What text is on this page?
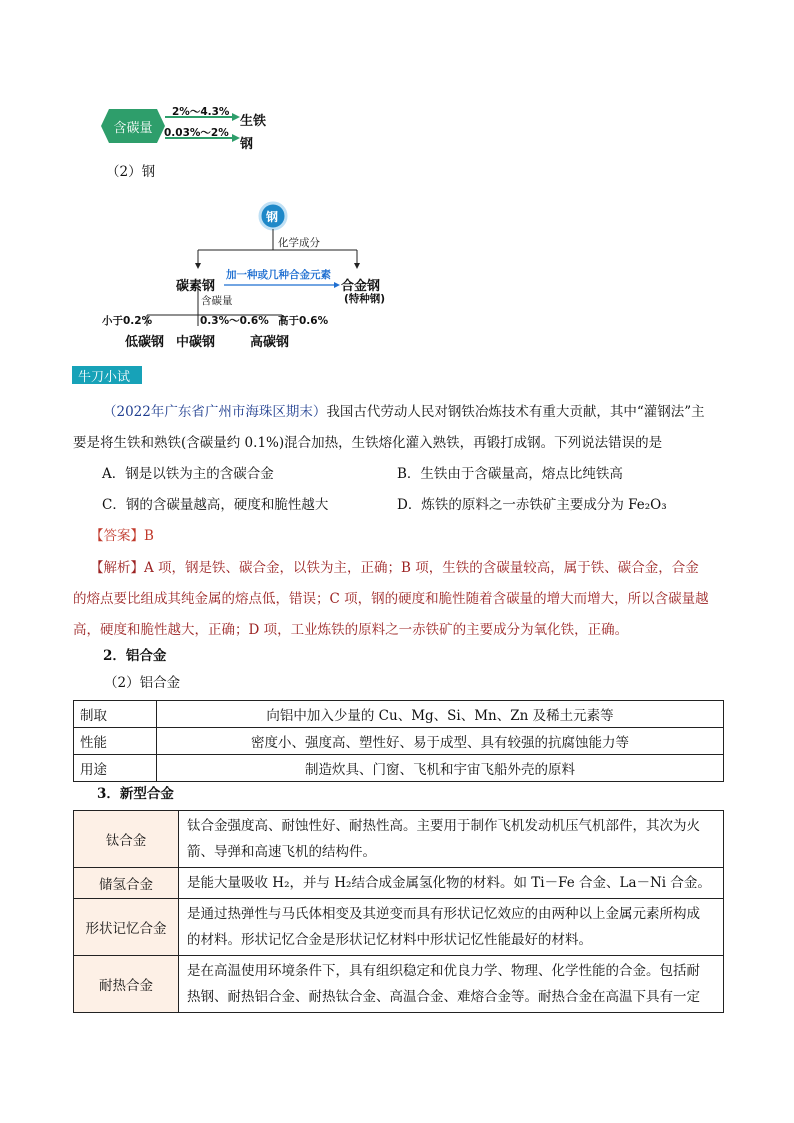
含碳量
2%～4.3%
生铁
0.03%～2%
钢
（2）钢
钢
化学成分
碳素钢
加一种或几种合金元素
合金钢
(特种钢)
含碳量
小于0.2%	0.3%～0.6% 高于0.6%
低碳钢 中碳钢	高碳钢
牛刀小试
（2022年广东省广州市海珠区期末）我国古代劳动人民对钢铁冶炼技术有重大贡献，其中“灌钢法”主
要是将生铁和熟铁(含碳量约 0.1%)混合加热，生铁熔化灌入熟铁，再锻打成钢。下列说法错误的是
A．钢是以铁为主的含碳合金	B．生铁由于含碳量高，熔点比纯铁高
C．钢的含碳量越高，硬度和脆性越大	D．炼铁的原料之一赤铁矿主要成分为 Fe₂O₃
【答案】B
【解析】A 项，钢是铁、碳合金，以铁为主，正确；B 项，生铁的含碳量较高，属于铁、碳合金，合金
的熔点要比组成其纯金属的熔点低，错误；C 项，钢的硬度和脆性随着含碳量的增大而增大，所以含碳量越
高，硬度和脆性越大，正确；D 项，工业炼铁的原料之一赤铁矿的主要成分为氧化铁，正确。
2．铝合金
（2）铝合金
制取	向铝中加入少量的 Cu、Mg、Si、Mn、Zn 及稀土元素等
性能	密度小、强度高、塑性好、易于成型、具有较强的抗腐蚀能力等
用途	制造炊具、门窗、飞机和宇宙飞船外壳的原料
3．新型合金
钛合金	钛合金强度高、耐蚀性好、耐热性高。主要用于制作飞机发动机压气机部件，其次为火
箭、导弹和高速飞机的结构件。

储氢合金	是能大量吸收 H₂，并与 H₂结合成金属氢化物的材料。如 Ti－Fe 合金、La－Ni 合金。

形状记忆合金	是通过热弹性与马氏体相变及其逆变而具有形状记忆效应的由两种以上金属元素所构成
的材料。形状记忆合金是形状记忆材料中形状记忆性能最好的材料。

耐热合金	是在高温使用环境条件下，具有组织稳定和优良力学、物理、化学性能的合金。包括耐
热钢、耐热铝合金、耐热钛合金、高温合金、难熔合金等。耐热合金在高温下具有一定
